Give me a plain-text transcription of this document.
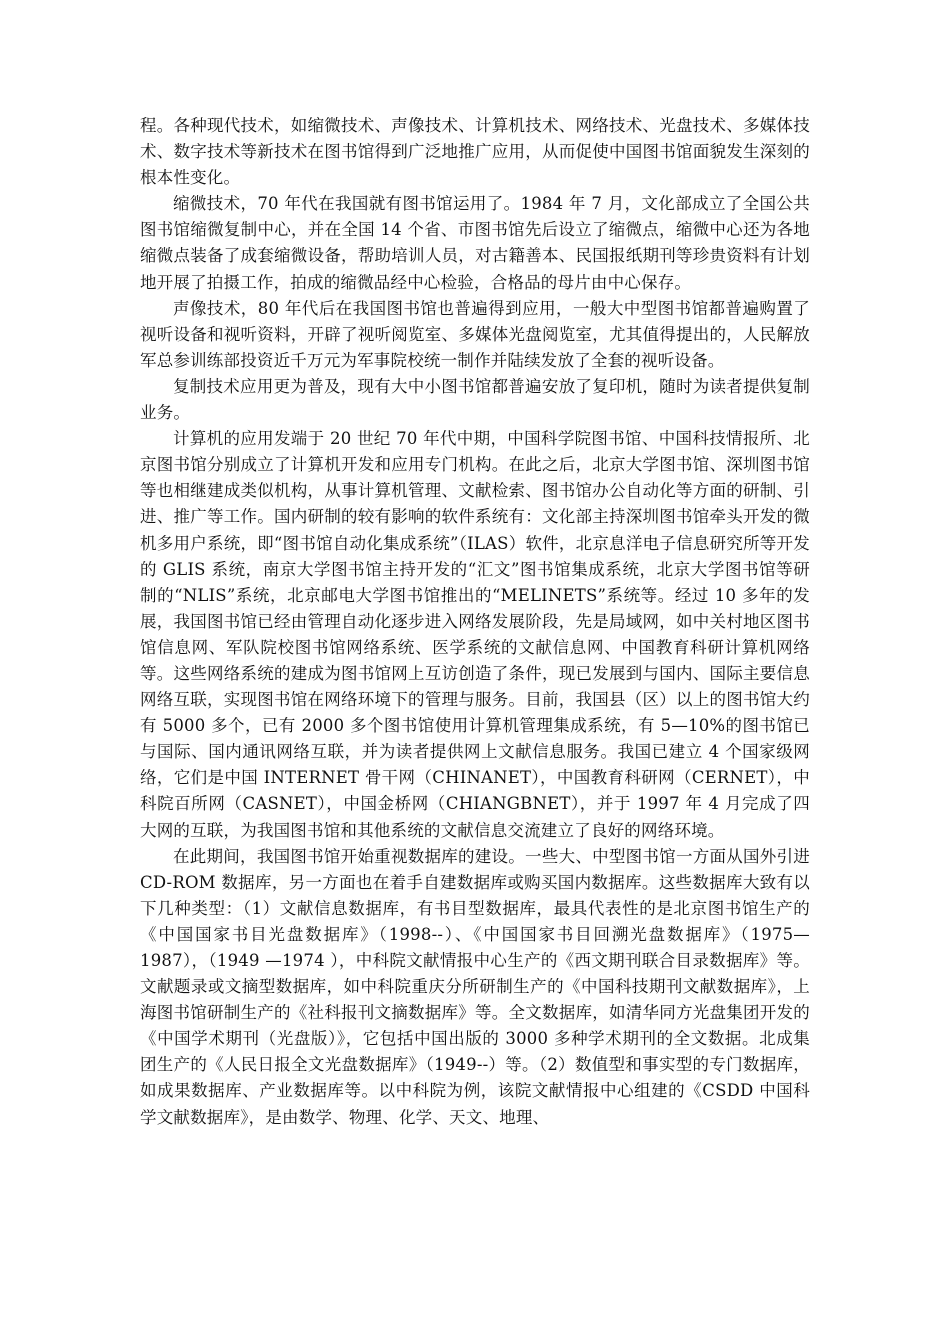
程。各种现代技术，如缩微技术、声像技术、计算机技术、网络技术、光盘技术、多媒体技术、数字技术等新技术在图书馆得到广泛地推广应用，从而促使中国图书馆面貌发生深刻的根本性变化。

缩微技术，70 年代在我国就有图书馆运用了。1984 年 7 月，文化部成立了全国公共图书馆缩微复制中心，并在全国 14 个省、市图书馆先后设立了缩微点，缩微中心还为各地缩微点装备了成套缩微设备，帮助培训人员，对古籍善本、民国报纸期刊等珍贵资料有计划地开展了拍摄工作，拍成的缩微品经中心检验，合格品的母片由中心保存。

声像技术，80 年代后在我国图书馆也普遍得到应用，一般大中型图书馆都普遍购置了视听设备和视听资料，开辟了视听阅览室、多媒体光盘阅览室，尤其值得提出的，人民解放军总参训练部投资近千万元为军事院校统一制作并陆续发放了全套的视听设备。

复制技术应用更为普及，现有大中小图书馆都普遍安放了复印机，随时为读者提供复制业务。

计算机的应用发端于 20 世纪 70 年代中期，中国科学院图书馆、中国科技情报所、北京图书馆分别成立了计算机开发和应用专门机构。在此之后，北京大学图书馆、深圳图书馆等也相继建成类似机构，从事计算机管理、文献检索、图书馆办公自动化等方面的研制、引进、推广等工作。国内研制的较有影响的软件系统有：文化部主持深圳图书馆牵头开发的微机多用户系统，即“图书馆自动化集成系统”（ILAS）软件，北京息洋电子信息研究所等开发的 GLIS 系统，南京大学图书馆主持开发的“汇文”图书馆集成系统，北京大学图书馆等研制的“NLIS”系统，北京邮电大学图书馆推出的“MELINETS”系统等。经过 10 多年的发展，我国图书馆已经由管理自动化逐步进入网络发展阶段，先是局域网，如中关村地区图书馆信息网、军队院校图书馆网络系统、医学系统的文献信息网、中国教育科研计算机网络等。这些网络系统的建成为图书馆网上互访创造了条件，现已发展到与国内、国际主要信息网络互联，实现图书馆在网络环境下的管理与服务。目前，我国县（区）以上的图书馆大约有 5000 多个，已有 2000 多个图书馆使用计算机管理集成系统，有 5—10%的图书馆已与国际、国内通讯网络互联，并为读者提供网上文献信息服务。我国已建立 4 个国家级网络，它们是中国 INTERNET 骨干网（CHINANET），中国教育科研网（CERNET），中科院百所网（CASNET），中国金桥网（CHIANGBNET），并于 1997 年 4 月完成了四大网的互联，为我国图书馆和其他系统的文献信息交流建立了良好的网络环境。

在此期间，我国图书馆开始重视数据库的建设。一些大、中型图书馆一方面从国外引进 CD-ROM 数据库，另一方面也在着手自建数据库或购买国内数据库。这些数据库大致有以下几种类型：（1）文献信息数据库，有书目型数据库，最具代表性的是北京图书馆生产的《中国国家书目光盘数据库》（1998--）、《中国国家书目回溯光盘数据库》（1975—1987），（1949 —1974 ），中科院文献情报中心生产的《西文期刊联合目录数据库》等。文献题录或文摘型数据库，如中科院重庆分所研制生产的《中国科技期刊文献数据库》，上海图书馆研制生产的《社科报刊文摘数据库》等。全文数据库，如清华同方光盘集团开发的《中国学术期刊（光盘版）》，它包括中国出版的 3000 多种学术期刊的全文数据。北成集团生产的《人民日报全文光盘数据库》（1949--）等。（2）数值型和事实型的专门数据库，如成果数据库、产业数据库等。以中科院为例，该院文献情报中心组建的《CSDD 中国科学文献数据库》，是由数学、物理、化学、天文、地理、
